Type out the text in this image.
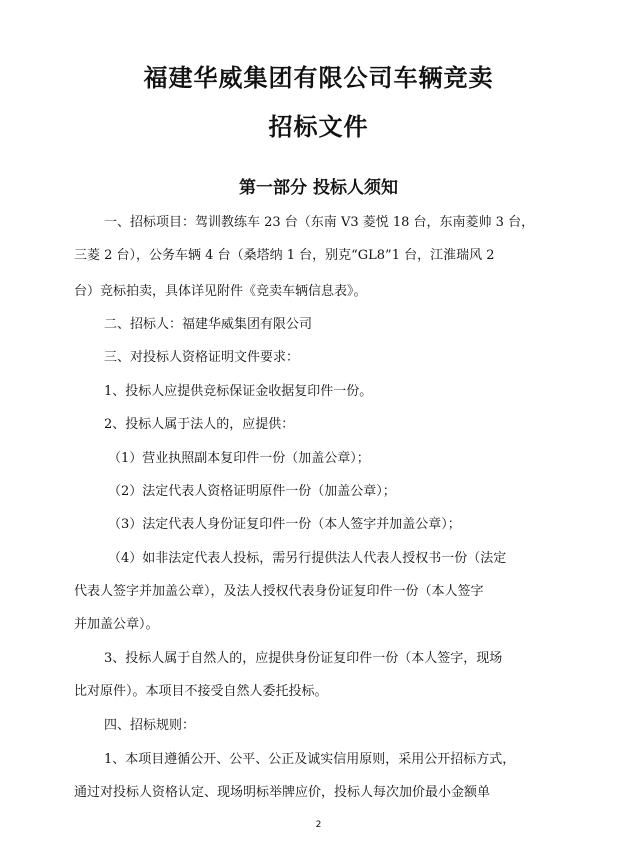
福建华威集团有限公司车辆竞卖
招标文件
第一部分 投标人须知
一、招标项目：驾训教练车 23 台（东南 V3 菱悦 18 台，东南菱帅 3 台，
三菱 2 台），公务车辆 4 台（桑塔纳 1 台，别克“GL8”1 台，江淮瑞风 2
台）竞标拍卖，具体详见附件《竞卖车辆信息表》。
二、招标人：福建华威集团有限公司
三、对投标人资格证明文件要求：
1、投标人应提供竞标保证金收据复印件一份。
2、投标人属于法人的，应提供：
（1）营业执照副本复印件一份（加盖公章）；
（2）法定代表人资格证明原件一份（加盖公章）；
（3）法定代表人身份证复印件一份（本人签字并加盖公章）；
（4）如非法定代表人投标，需另行提供法人代表人授权书一份（法定
代表人签字并加盖公章），及法人授权代表身份证复印件一份（本人签字
并加盖公章）。
3、投标人属于自然人的，应提供身份证复印件一份（本人签字，现场
比对原件）。本项目不接受自然人委托投标。
四、招标规则：
1、本项目遵循公开、公平、公正及诚实信用原则，采用公开招标方式，
通过对投标人资格认定、现场明标举牌应价，投标人每次加价最小金额单
2
